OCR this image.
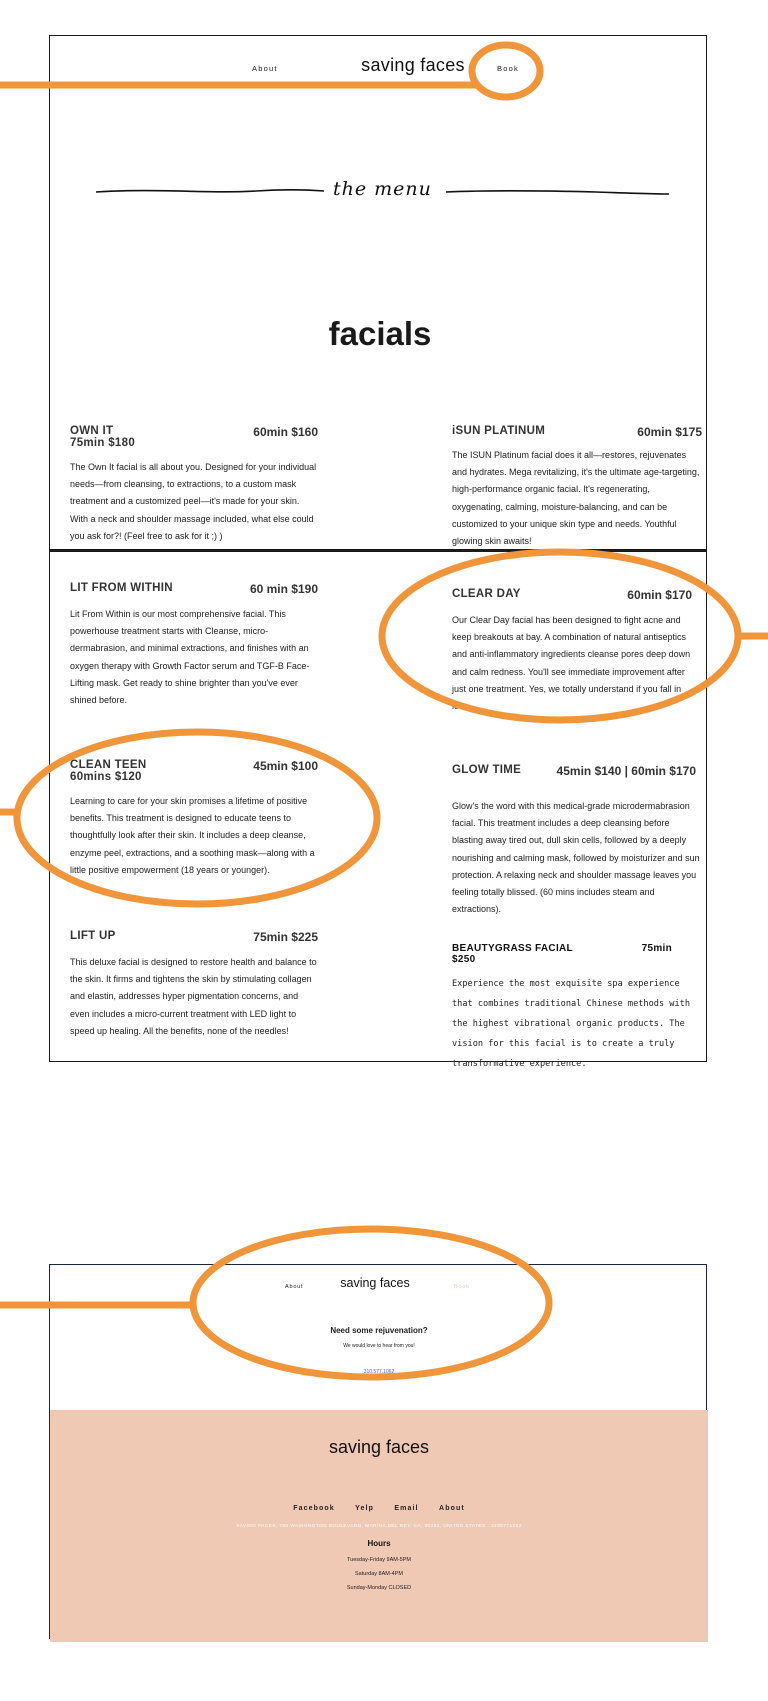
About	saving faces	Book
the menu
facials
OWN IT	60min $160
75min $180
The Own It facial is all about you. Designed for your individual needs—from cleansing, to extractions, to a custom mask treatment and a customized peel—it's made for your skin. With a neck and shoulder massage included, what else could you ask for?! (Feel free to ask for it ;) )
iSUN PLATINUM	60min $175
The ISUN Platinum facial does it all—restores, rejuvenates and hydrates. Mega revitalizing, it's the ultimate age-targeting, high-performance organic facial. It's regenerating, oxygenating, calming, moisture-balancing, and can be customized to your unique skin type and needs. Youthful glowing skin awaits!
LIT FROM WITHIN	60 min $190
Lit From Within is our most comprehensive facial. This powerhouse treatment starts with Cleanse, micro-dermabrasion, and minimal extractions, and finishes with an oxygen therapy with Growth Factor serum and TGF-B Face-Lifting mask. Get ready to shine brighter than you've ever shined before.
CLEAR DAY	60min $170
Our Clear Day facial has been designed to fight acne and keep breakouts at bay. A combination of natural antiseptics and anti-inflammatory ingredients cleanse pores deep down and calm redness. You'll see immediate improvement after just one treatment. Yes, we totally understand if you fall in love.
CLEAN TEEN	45min $100
60mins $120
Learning to care for your skin promises a lifetime of positive benefits. This treatment is designed to educate teens to thoughtfully look after their skin. It includes a deep cleanse, enzyme peel, extractions, and a soothing mask—along with a little positive empowerment (18 years or younger).
GLOW TIME	45min $140 | 60min $170
Glow's the word with this medical-grade microdermabrasion facial. This treatment includes a deep cleansing before blasting away tired out, dull skin cells, followed by a deeply nourishing and calming mask, followed by moisturizer and sun protection. A relaxing neck and shoulder massage leaves you feeling totally blissed. (60 mins includes steam and extractions).
LIFT UP	75min $225
This deluxe facial is designed to restore health and balance to the skin. It firms and tightens the skin by stimulating collagen and elastin, addresses hyper pigmentation concerns, and even includes a micro-current treatment with LED light to speed up healing. All the benefits, none of the needles!
BEAUTYGRASS FACIAL	75min
$250
Experience the most exquisite spa experience that combines traditional Chinese methods with the highest vibrational organic products. The vision for this facial is to create a truly transformative experience.
About	saving faces	Book
Need some rejuvenation?
We would love to hear from you!
310.577.1062
saving faces
Facebook	Yelp	Email	About
SAVING FACES, 780 WASHINGTON BOULEVARD, MARINA DEL REY, CA, 90292, UNITED STATES · 3105771062
Hours
Tuesday-Friday 9AM-5PM
Saturday 8AM-4PM
Sunday-Monday CLOSED
